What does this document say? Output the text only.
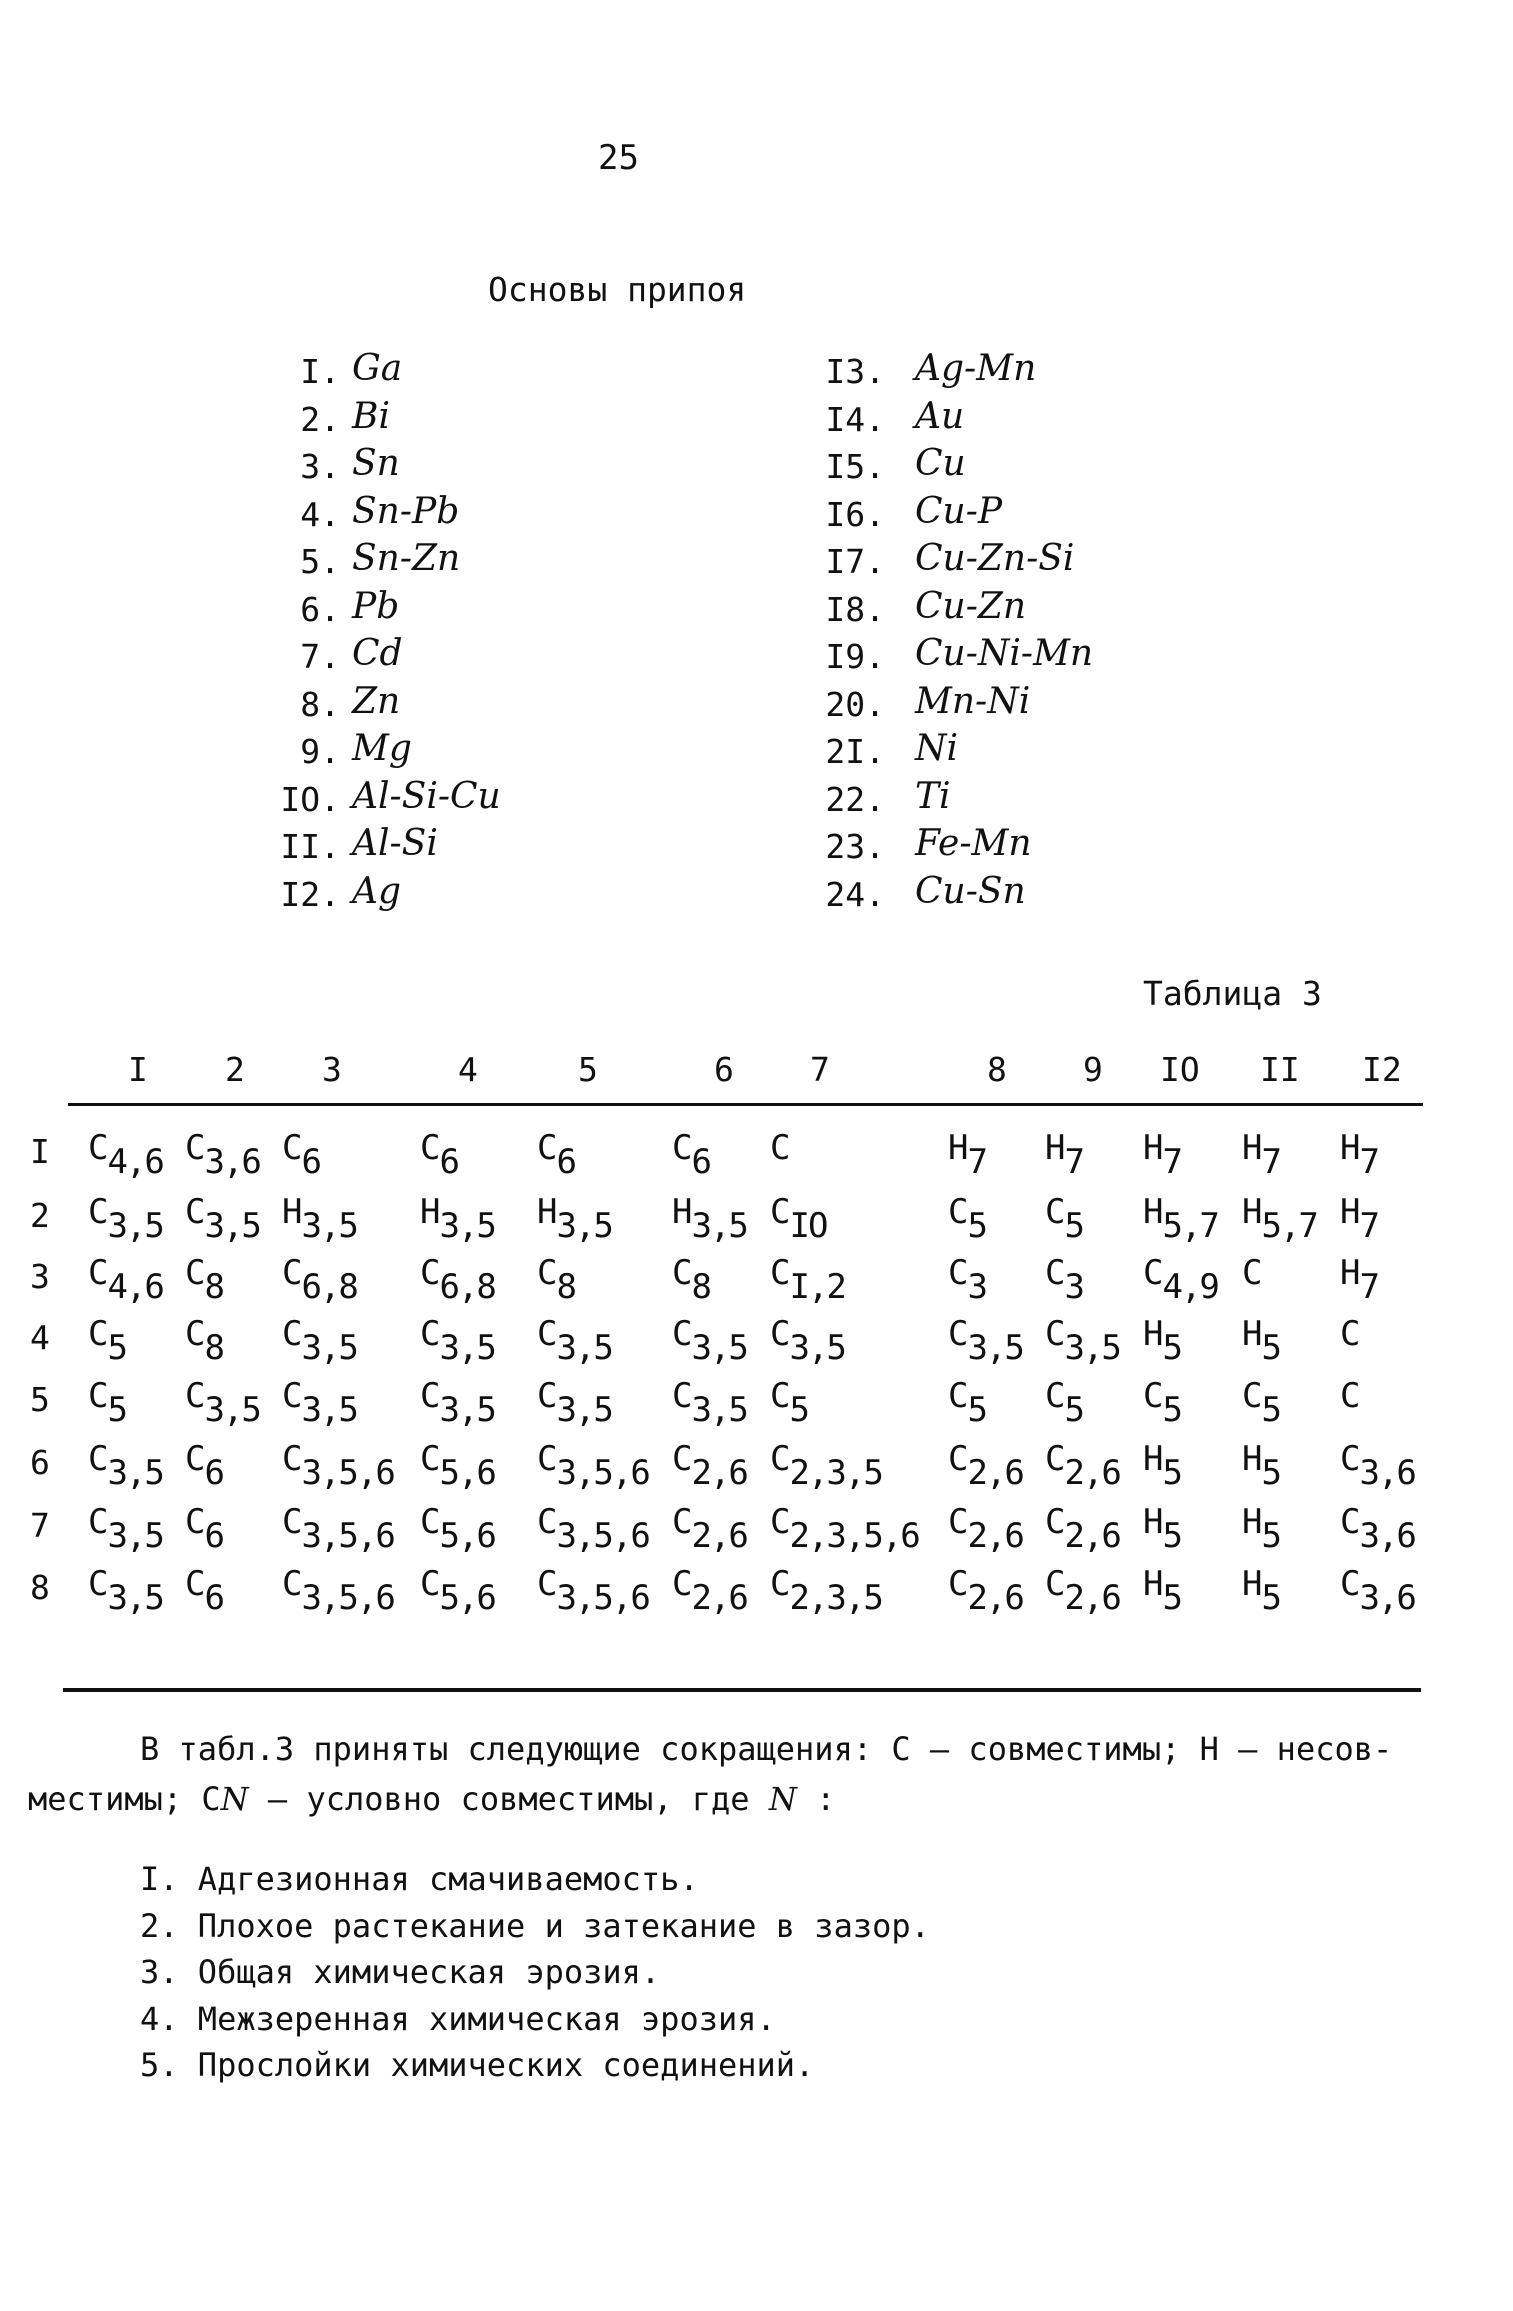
25
Основы припоя
I. Ga
2. Bi
3. Sn
4. Sn-Pb
5. Sn-Zn
6. Pb
7. Cd
8. Zn
9. Mg
IO. Al-Si-Cu
II. Al-Si
I2. Ag
I3. Ag-Mn
I4. Au
I5. Cu
I6. Cu-P
I7. Cu-Zn-Si
I8. Cu-Zn
I9. Cu-Ni-Mn
20. Mn-Ni
2I. Ni
22. Ti
23. Fe-Mn
24. Cu-Sn
Таблица 3
I 2 3	4	5	6 7	8 9 IO II I2
I $C_{4,6}$ $C_{3,6}$ $C_6$	$C_6$ $C_6$	$C_6$ C	$H_7$ $H_7$ $H_7$ $H_7$ $H_7$
2 $C_{3,5}$ $C_{3,5}$ $H_{3,5}$ $H_{3,5}$ $H_{3,5}$ $H_{3,5}$ $C_{IO}$	$C_5$ $C_5$ $H_{5,7}$ $H_{5,7}$ $H_7$
3 $C_{4,6}$ $C_8$ $C_{6,8}$ $C_{6,8}$ $C_8$	$C_8$ $C_{I,2}$	$C_3$ $C_3$ $C_{4,9}$ C $H_7$
4 $C_5$ $C_8$ $C_{3,5}$ $C_{3,5}$ $C_{3,5}$ $C_{3,5}$ $C_{3,5}$	$C_{3,5}$ $C_{3,5}$ $H_5$ $H_5$ C
5 $C_5$ $C_{3,5}$ $C_{3,5}$ $C_{3,5}$ $C_{3,5}$ $C_{3,5}$ $C_5$	$C_5$ $C_5$ $C_5$ $C_5$ C
6 $C_{3,5}$ $C_6$ $C_{3,5,6}$ $C_{5,6}$ $C_{3,5,6}$ $C_{2,6}$ $C_{2,3,5}$ $C_{2,6}$ $C_{2,6}$ $H_5$ $H_5$ $C_{3,6}$
7 $C_{3,5}$ $C_6$ $C_{3,5,6}$ $C_{5,6}$ $C_{3,5,6}$ $C_{2,6}$ $C_{2,3,5,6}$ $C_{2,6}$ $C_{2,6}$ $H_5$ $H_5$ $C_{3,6}$
8 $C_{3,5}$ $C_6$ $C_{3,5,6}$ $C_{5,6}$ $C_{3,5,6}$ $C_{2,6}$ $C_{2,3,5}$ $C_{2,6}$ $C_{2,6}$ $H_5$ $H_5$ $C_{3,6}$
В табл.3 приняты следующие сокращения: С – совместимы; Н – несов-
местимы; СN – условно совместимы, где N :
I. Адгезионная смачиваемость.
2. Плохое растекание и затекание в зазор.
3. Общая химическая эрозия.
4. Межзеренная химическая эрозия.
5. Прослойки химических соединений.
